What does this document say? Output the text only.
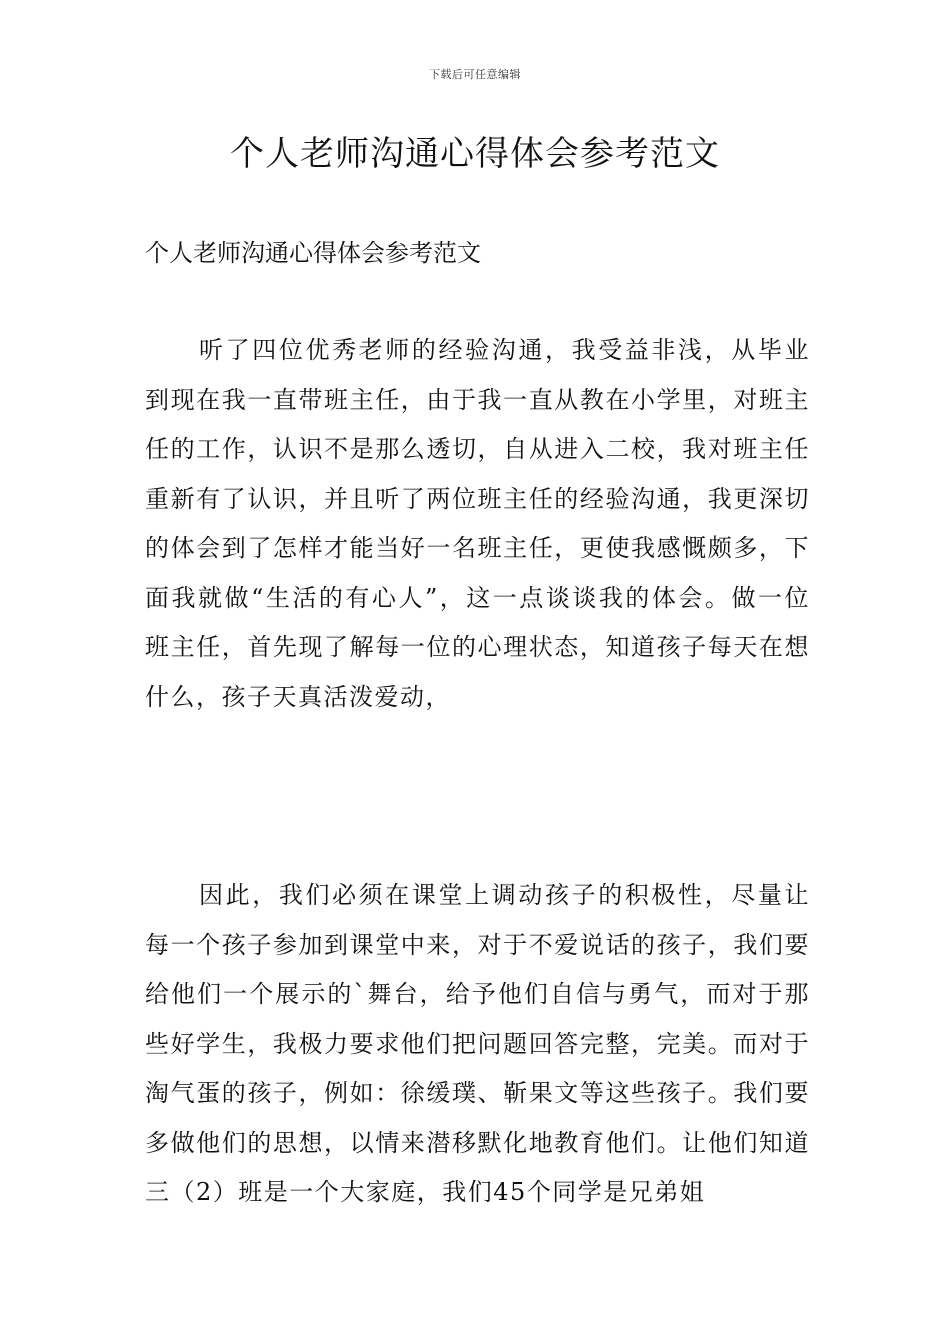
下载后可任意编辑
个人老师沟通心得体会参考范文

个人老师沟通心得体会参考范文

听了四位优秀老师的经验沟通，我受益非浅，从毕业到现在我一直带班主任，由于我一直从教在小学里，对班主任的工作，认识不是那么透切，自从进入二校，我对班主任重新有了认识，并且听了两位班主任的经验沟通，我更深切的体会到了怎样才能当好一名班主任，更使我感慨颇多，下面我就做“生活的有心人”，这一点谈谈我的体会。做一位班主任，首先现了解每一位的心理状态，知道孩子每天在想什么，孩子天真活泼爱动，

因此，我们必须在课堂上调动孩子的积极性，尽量让每一个孩子参加到课堂中来，对于不爱说话的孩子，我们要给他们一个展示的`舞台，给予他们自信与勇气，而对于那些好学生，我极力要求他们把问题回答完整，完美。而对于淘气蛋的孩子，例如：徐缓璞、靳果文等这些孩子。我们要多做他们的思想，以情来潜移默化地教育他们。让他们知道三（2）班是一个大家庭，我们45个同学是兄弟姐
